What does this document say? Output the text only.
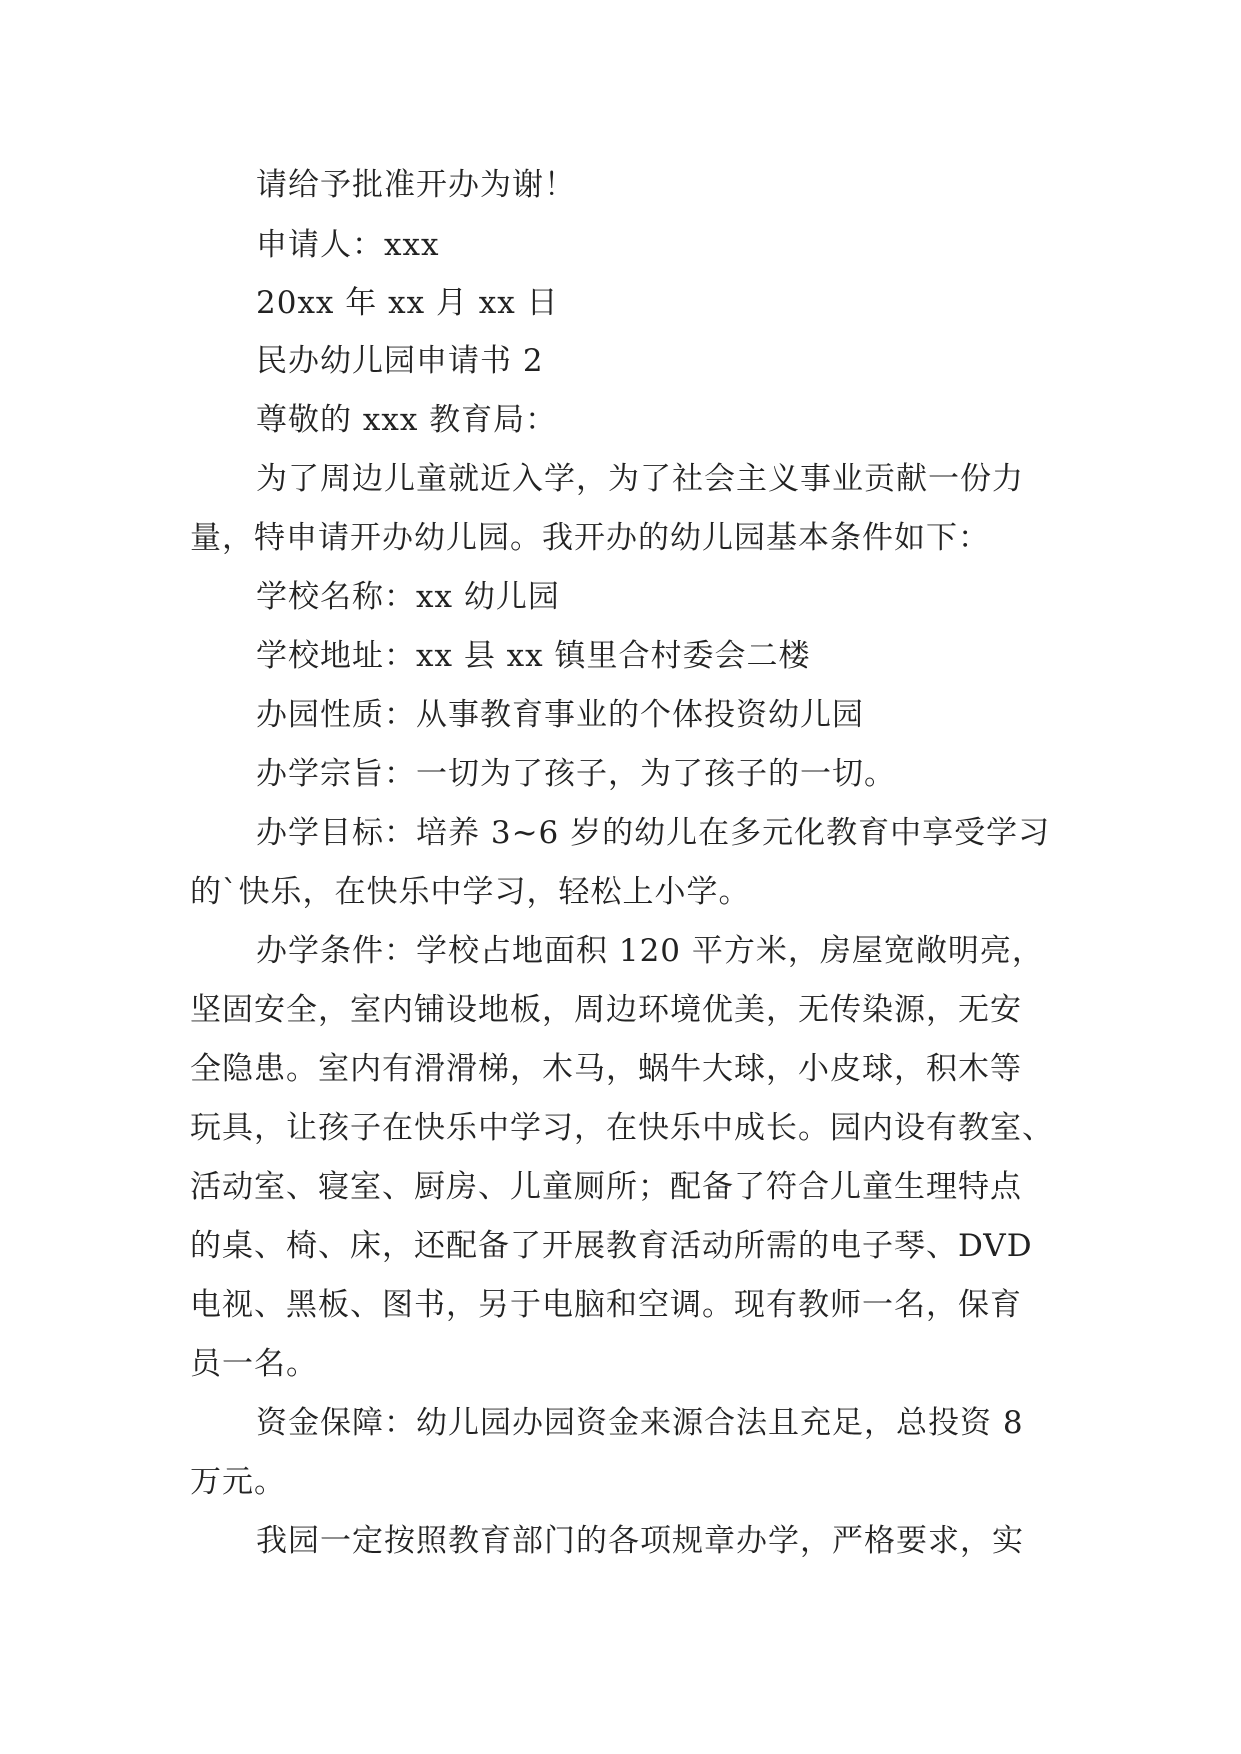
请给予批准开办为谢！
申请人：xxx
20xx 年 xx 月 xx 日
民办幼儿园申请书 2
尊敬的 xxx 教育局：
为了周边儿童就近入学，为了社会主义事业贡献一份力
量，特申请开办幼儿园。我开办的幼儿园基本条件如下：
学校名称：xx 幼儿园
学校地址：xx 县 xx 镇里合村委会二楼
办园性质：从事教育事业的个体投资幼儿园
办学宗旨：一切为了孩子，为了孩子的一切。
办学目标：培养 3~6 岁的幼儿在多元化教育中享受学习
的`快乐，在快乐中学习，轻松上小学。
办学条件：学校占地面积 120 平方米，房屋宽敞明亮，
坚固安全，室内铺设地板，周边环境优美，无传染源，无安
全隐患。室内有滑滑梯，木马，蜗牛大球，小皮球，积木等
玩具，让孩子在快乐中学习，在快乐中成长。园内设有教室、
活动室、寝室、厨房、儿童厕所；配备了符合儿童生理特点
的桌、椅、床，还配备了开展教育活动所需的电子琴、DVD
电视、黑板、图书，另于电脑和空调。现有教师一名，保育
员一名。
资金保障：幼儿园办园资金来源合法且充足，总投资 8
万元。
我园一定按照教育部门的各项规章办学，严格要求，实
